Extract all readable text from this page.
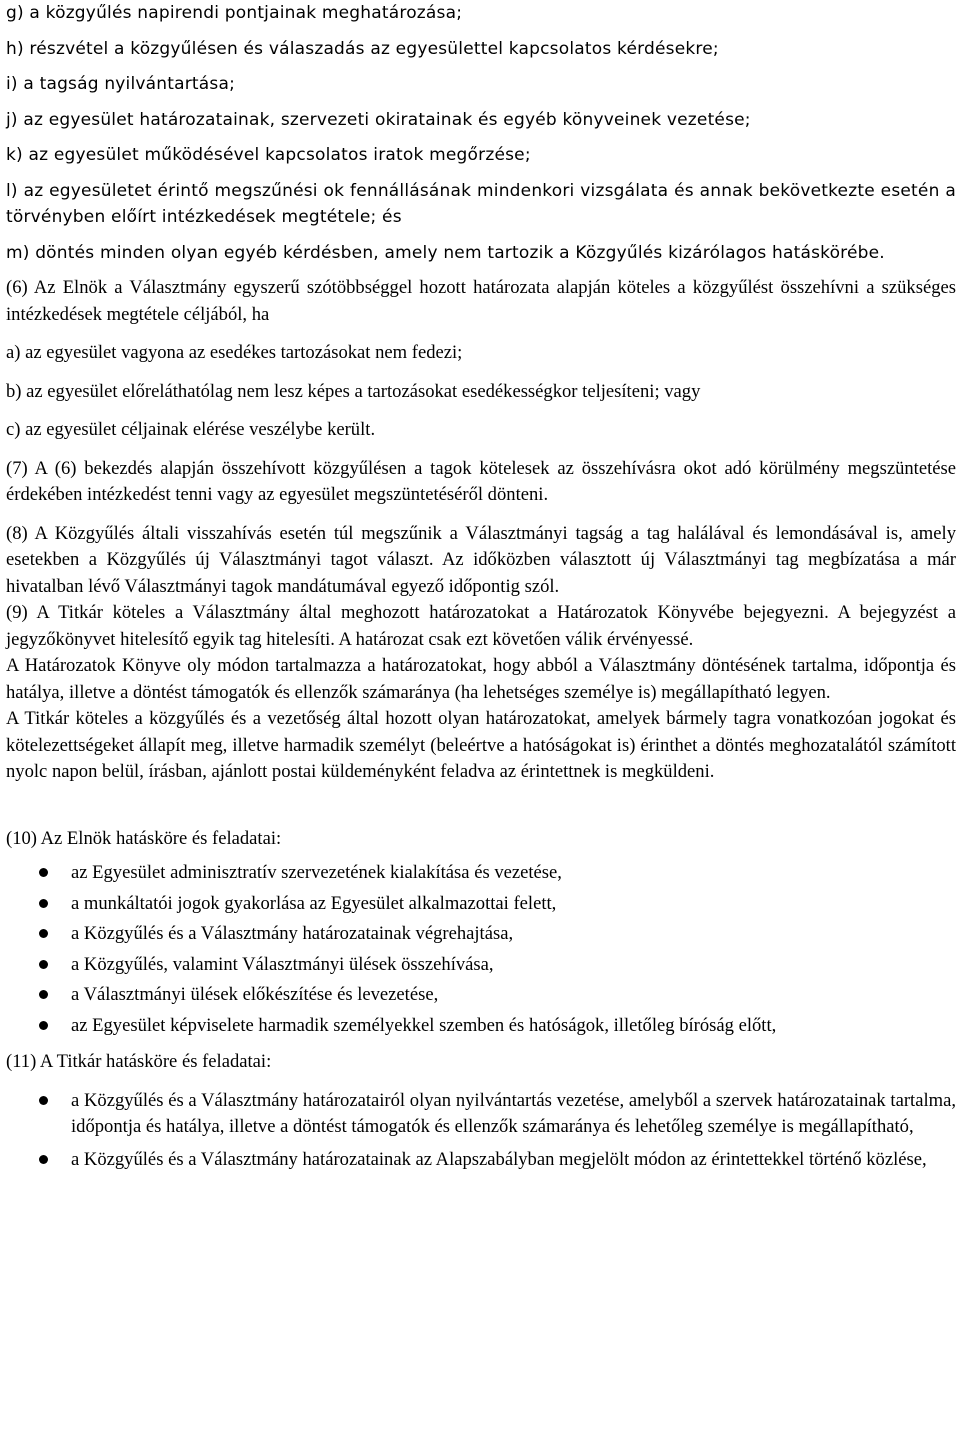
g) a közgyűlés napirendi pontjainak meghatározása;

h) részvétel a közgyűlésen és válaszadás az egyesülettel kapcsolatos kérdésekre;

i) a tagság nyilvántartása;

j) az egyesület határozatainak, szervezeti okiratainak és egyéb könyveinek vezetése;

k) az egyesület működésével kapcsolatos iratok megőrzése;

l) az egyesületet érintő megszűnési ok fennállásának mindenkori vizsgálata és annak bekövetkezte esetén a törvényben előírt intézkedések megtétele; és

m) döntés minden olyan egyéb kérdésben, amely nem tartozik a Közgyűlés kizárólagos hatáskörébe.

(6) Az Elnök a Választmány egyszerű szótöbbséggel hozott határozata alapján köteles a közgyűlést összehívni a szükséges intézkedések megtétele céljából, ha

a) az egyesület vagyona az esedékes tartozásokat nem fedezi;

b) az egyesület előreláthatólag nem lesz képes a tartozásokat esedékességkor teljesíteni; vagy

c) az egyesület céljainak elérése veszélybe került.

(7) A (6) bekezdés alapján összehívott közgyűlésen a tagok kötelesek az összehívásra okot adó körülmény megszüntetése érdekében intézkedést tenni vagy az egyesület megszüntetéséről dönteni.

(8) A Közgyűlés általi visszahívás esetén túl megszűnik a Választmányi tagság a tag halálával és lemondásával is, amely esetekben a Közgyűlés új Választmányi tagot választ. Az időközben választott új Választmányi tag megbízatása a már hivatalban lévő Választmányi tagok mandátumával egyező időpontig szól.

(9) A Titkár köteles a Választmány által meghozott határozatokat a Határozatok Könyvébe bejegyezni. A bejegyzést a jegyzőkönyvet hitelesítő egyik tag hitelesíti. A határozat csak ezt követően válik érvényessé.

A Határozatok Könyve oly módon tartalmazza a határozatokat, hogy abból a Választmány döntésének tartalma, időpontja és hatálya, illetve a döntést támogatók és ellenzők számaránya (ha lehetséges személye is) megállapítható legyen.

A Titkár köteles a közgyűlés és a vezetőség által hozott olyan határozatokat, amelyek bármely tagra vonatkozóan jogokat és kötelezettségeket állapít meg, illetve harmadik személyt (beleértve a hatóságokat is) érinthet a döntés meghozatalától számított nyolc napon belül, írásban, ajánlott postai küldeményként feladva az érintettnek is megküldeni.

(10) Az Elnök hatásköre és feladatai:

az Egyesület adminisztratív szervezetének kialakítása és vezetése,
a munkáltatói jogok gyakorlása az Egyesület alkalmazottai felett,
a Közgyűlés és a Választmány határozatainak végrehajtása,
a Közgyűlés, valamint Választmányi ülések összehívása,
a Választmányi ülések előkészítése és levezetése,
az Egyesület képviselete harmadik személyekkel szemben és hatóságok, illetőleg bíróság előtt,

(11) A Titkár hatásköre és feladatai:

a Közgyűlés és a Választmány határozatairól olyan nyilvántartás vezetése, amelyből a szervek határozatainak tartalma, időpontja és hatálya, illetve a döntést támogatók és ellenzők számaránya és lehetőleg személye is megállapítható,
a Közgyűlés és a Választmány határozatainak az Alapszabályban megjelölt módon az érintettekkel történő közlése,
